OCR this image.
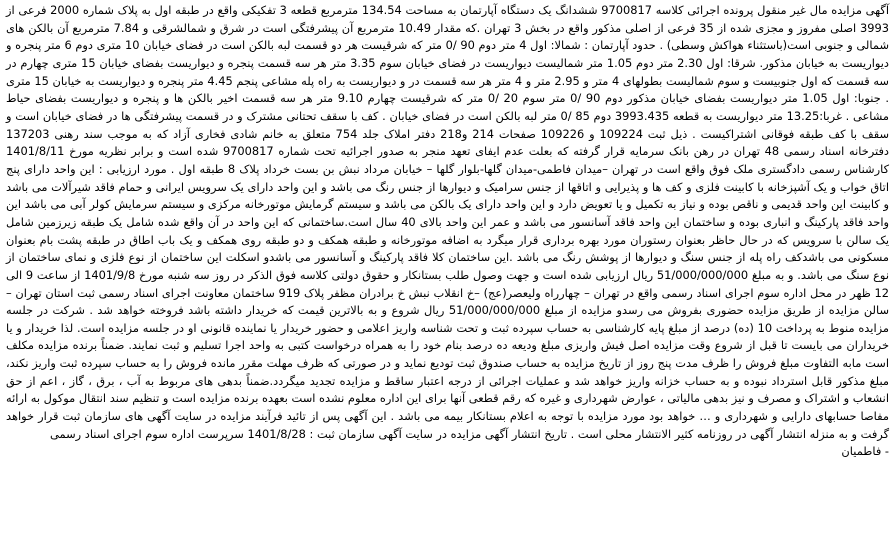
آگهی مزایده مال غیر منقول پرونده اجرائی کلاسه 9700817 ششدانگ یک دستگاه آپارتمان به مساحت 134.54 مترمربع قطعه 3 تفکیکی واقع در طبقه اول به پلاک شماره 2000 فرعی از 3993 اصلی مفروز و مجزی شده از 35 فرعی از اصلی مذکور واقع در بخش 3 تهران .که مقدار 10.49 مترمربع آن پیشرفتگی است در شرق و شمالشرقی و 7.84 مترمربع آن بالکن های شمالی و جنوبی است(باستثناء هواکش وسطی) . حدود آپارتمان : شمالا: اول 4 متر دوم 90 /0 متر که شرقیست هر دو قسمت لبه بالکن است در فضای خیابان 10 متری دوم 6 متر پنجره و دیواریست به خیابان مذکور. شرقا: اول 2.30 متر دوم 1.05 متر شمالیست دیواریست در فضای خیابان سوم 3.35 متر هر سه قسمت پنجره و دیواریست بفضای خیابان 15 متری چهارم در سه قسمت که اول جنوبیست و سوم شمالیست بطولهای 4 متر و 2.95 متر و 4 متر هر سه قسمت در و دیواریست به راه پله مشاعی پنجم 4.45 متر پنجره و دیواریست به خیابان 15 متری . جنوبا: اول 1.05 متر دیواریست بفضای خیابان مذکور دوم 90 /0 متر سوم 20 /0 متر که شرقیست چهارم 9.10 متر هر سه قسمت اخیر بالکن ها و پنجره و دیواریست بفضای حیاط مشاعی . غربا:13.25 متر دیواریست به قطعه 3993.435 دوم 85 /0 متر لبه بالکن است در فضای خیابان . کف با سقف تحتانی مشترک و در قسمت پیشرفتگی ها در فضای خیابان است و سقف با کف طبقه فوقانی اشتراکیست . ذیل ثبت 109224 و 109226 صفحات 214 و218 دفتر املاک جلد 754 متعلق به خانم شادی فخاری آزاد که به موجب سند رهنی 137203 دفترخانه اسناد رسمی 48 تهران در رهن بانک سرمایه قرار گرفته که بعلت عدم ایفای تعهد منجر به صدور اجرائیه تحت شماره 9700817 شده است و برابر نظریه مورخ 1401/8/11 کارشناس رسمی دادگستری ملک فوق واقع است در تهران –میدان فاطمی-میدان گلها-بلوار گلها – خیابان مرداد نبش بن بست خرداد پلاک 8 طبقه اول . مورد ارزیابی : این واحد دارای پنج اتاق خواب و یک آشپزخانه با کابینت فلزی و کف ها و پذیرایی و اتاقها از جنس سرامیک و دیوارها از جنس رنگ می باشد و این واحد دارای یک سرویس ایرانی و حمام فاقد شیرآلات می باشد و کابینت این واحد قدیمی و ناقص بوده و نیاز به تکمیل و یا تعویض دارد و این واحد دارای یک بالکن می باشد و سیستم گرمایش موتورخانه مرکزی و سیستم سرمایش کولر آبی می باشد این واحد فاقد پارکینگ و انباری بوده و ساختمان این واحد فاقد آسانسور می باشد و عمر این واحد بالای 40 سال است.ساختمانی که این واحد در آن واقع شده شامل یک طبقه زیرزمین شامل یک سالن با سرویس که در حال حاظر بعنوان رستوران مورد بهره برداری قرار میگرد به اضافه موتورخانه و طبقه همکف و دو طبقه روی همکف و یک باب اطاق در طبقه پشت بام بعنوان مسکونی می باشدکف راه پله از جنس سنگ و دیوارها از پوشش رنگ می باشد .این ساختمان کلا فاقد پارکینگ و آسانسور می باشدو اسکلت این ساختمان از نوع فلزی و نمای ساختمان از نوع سنگ می باشد. و به مبلغ 51/000/000/000 ریال ارزیابی شده است و جهت وصول طلب بستانکار و حقوق دولتی کلاسه فوق الذکر در روز سه شنبه مورخ 1401/9/8 از ساعت 9 الی 12 ظهر در محل اداره سوم اجرای اسناد رسمی واقع در تهران – چهارراه ولیعصر(عج) –خ انقلاب نبش خ برادران مظفر پلاک 919 ساختمان معاونت اجرای اسناد رسمی ثبت استان تهران – سالن مزایده از طریق مزایده حضوری بفروش می رسدو مزایده از مبلغ 51/000/000/000 ریال شروع و به بالاترین قیمت که خریدار داشته باشد فروخته خواهد شد . شرکت در جلسه مزایده منوط به پرداخت 10 (ده) درصد از مبلغ پایه کارشناسی به حساب سپرده ثبت و تحت شناسه واریز اعلامی و حضور خریدار یا نماینده قانونی او در جلسه مزایده است. لذا خریدار و یا خریداران می بایست تا قبل از شروع وقت مزایده اصل فیش واریزی مبلغ ودیعه ده درصد بنام خود را به همراه درخواست کتبی به واحد اجرا تسلیم و ثبت نمایند. ضمناً برنده مزایده مکلف است مابه التفاوت مبلغ فروش را ظرف مدت پنج روز از تاریخ مزایده به حساب صندوق ثبت تودیع نماید و در صورتی که ظرف مهلت مقرر مانده فروش را به حساب سپرده ثبت واریز نکند، مبلغ مذکور قابل استرداد نبوده و به حساب خزانه واریز خواهد شد و عملیات اجرائی از درجه اعتبار ساقط و مزایده تجدید میگردد.ضمناً بدهی های مربوط به آب ، برق ، گاز ، اعم از حق انشعاب و اشتراک و مصرف و نیز بدهی مالیاتی ، عوارض شهرداری و غیره که رقم قطعی آنها برای این اداره معلوم نشده است بعهده برنده مزایده است و تنظیم سند انتقال موکول به ارائه مفاصا حسابهای دارایی و شهرداری و … خواهد بود مورد مزایده با توجه به اعلام بستانکار بیمه می باشد . این آگهی پس از تائید فرآیند مزایده در سایت آگهی های سازمان ثبت قرار خواهد گرفت و به منزله انتشار آگهی در روزنامه کثیر الانتشار محلی است . تاریخ انتشار آگهی مزایده در سایت آگهی سازمان ثبت : 1401/8/28 سرپرست اداره سوم اجرای اسناد رسمی

- فاطمیان
